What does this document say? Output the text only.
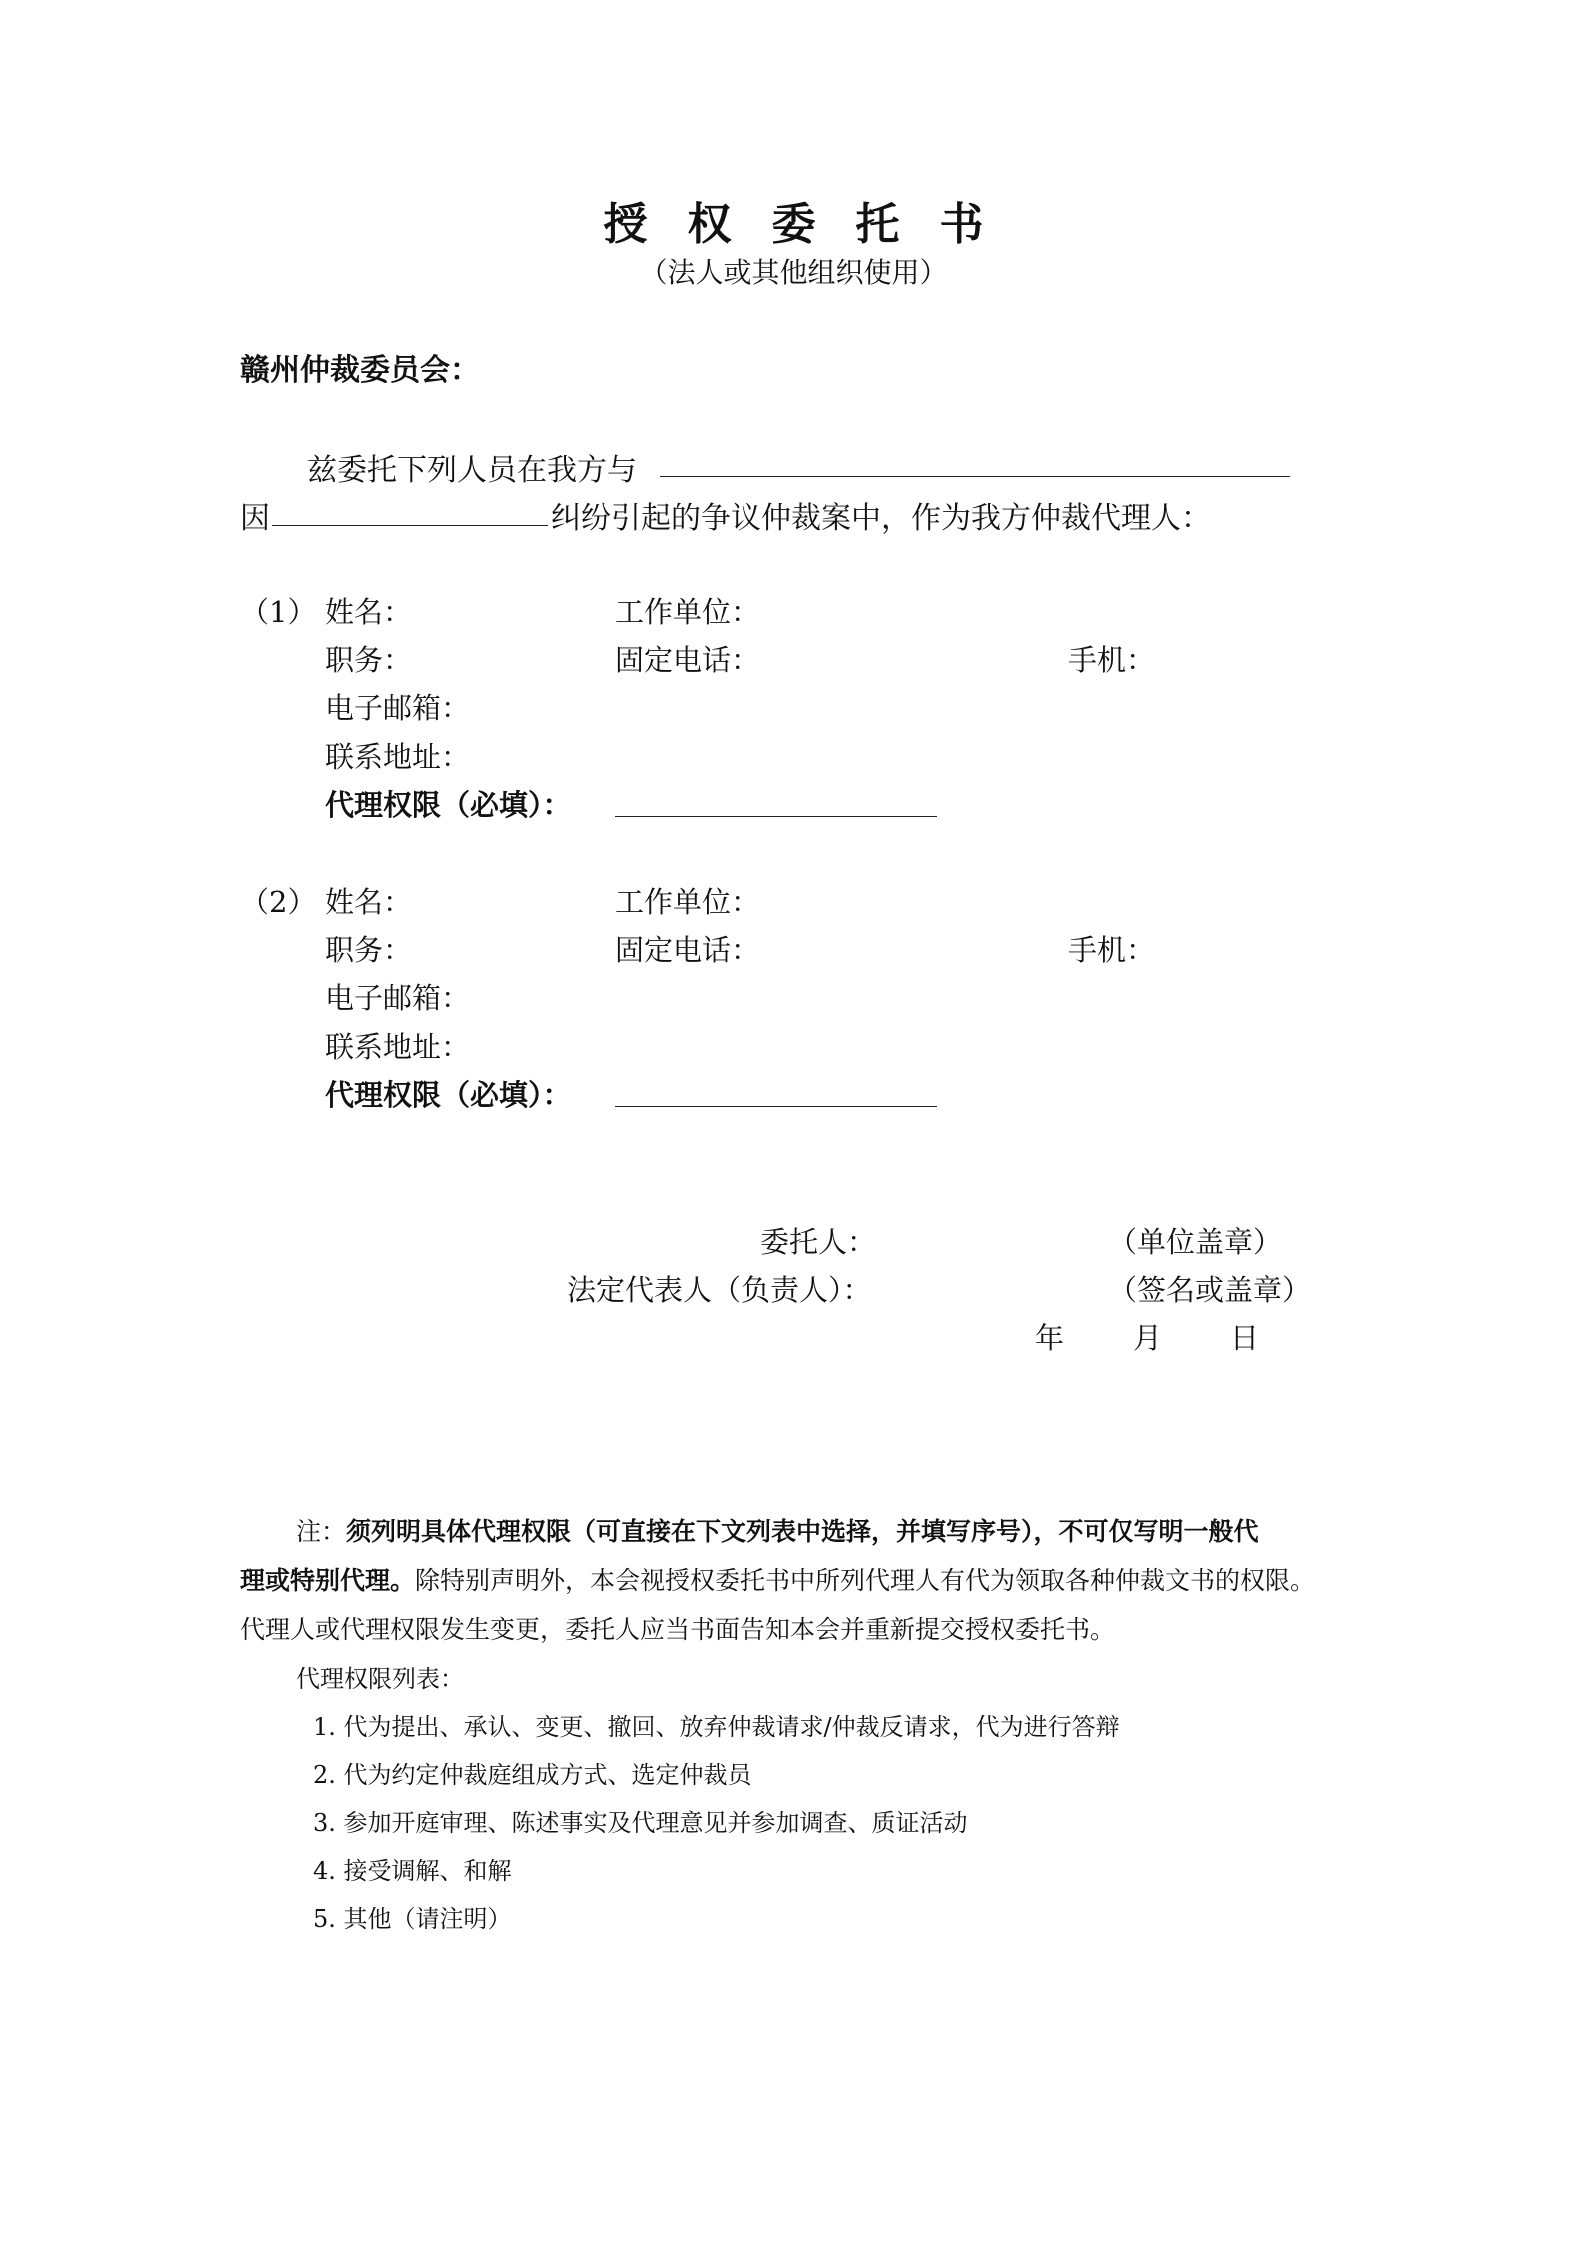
授权委托书
（法人或其他组织使用）
赣州仲裁委员会：
兹委托下列人员在我方与
因	纠纷引起的争议仲裁案中，作为我方仲裁代理人：
（1） 姓名：	工作单位：
职务：	固定电话：	手机：
电子邮箱：
联系地址：
代理权限（必填）：
（2） 姓名：	工作单位：
职务：	固定电话：	手机：
电子邮箱：
联系地址：
代理权限（必填）：
委托人：	（单位盖章）
法定代表人（负责人）：	（签名或盖章）
年 月 日
注：须列明具体代理权限（可直接在下文列表中选择，并填写序号），不可仅写明一般代
理或特别代理。除特别声明外，本会视授权委托书中所列代理人有代为领取各种仲裁文书的权限。
代理人或代理权限发生变更，委托人应当书面告知本会并重新提交授权委托书。
代理权限列表：
1. 代为提出、承认、变更、撤回、放弃仲裁请求/仲裁反请求，代为进行答辩
2. 代为约定仲裁庭组成方式、选定仲裁员
3. 参加开庭审理、陈述事实及代理意见并参加调查、质证活动
4. 接受调解、和解
5. 其他（请注明）
